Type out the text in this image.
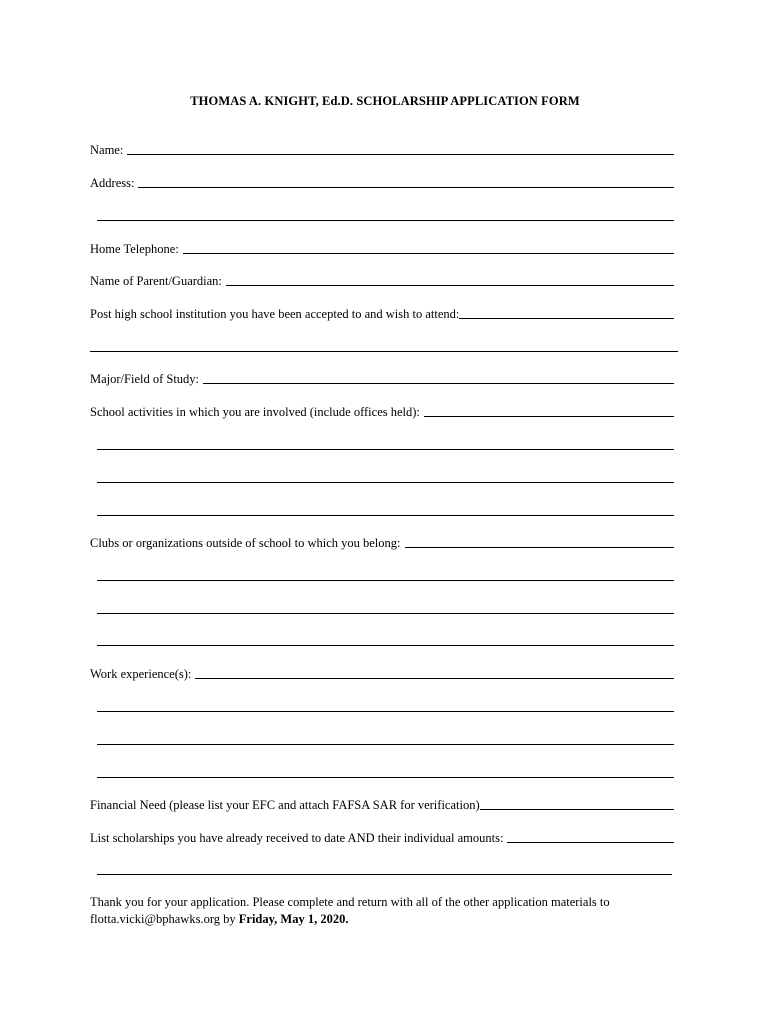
THOMAS A. KNIGHT, Ed.D. SCHOLARSHIP APPLICATION FORM
Name:
Address:
Home Telephone:
Name of Parent/Guardian:
Post high school institution you have been accepted to and wish to attend:
Major/Field of Study:
School activities in which you are involved (include offices held):
Clubs or organizations outside of school to which you belong:
Work experience(s):
Financial Need (please list your EFC and attach FAFSA SAR for verification)
List scholarships you have already received to date AND their individual amounts:
Thank you for your application. Please complete and return with all of the other application materials to flotta.vicki@bphawks.org by Friday, May 1, 2020.
